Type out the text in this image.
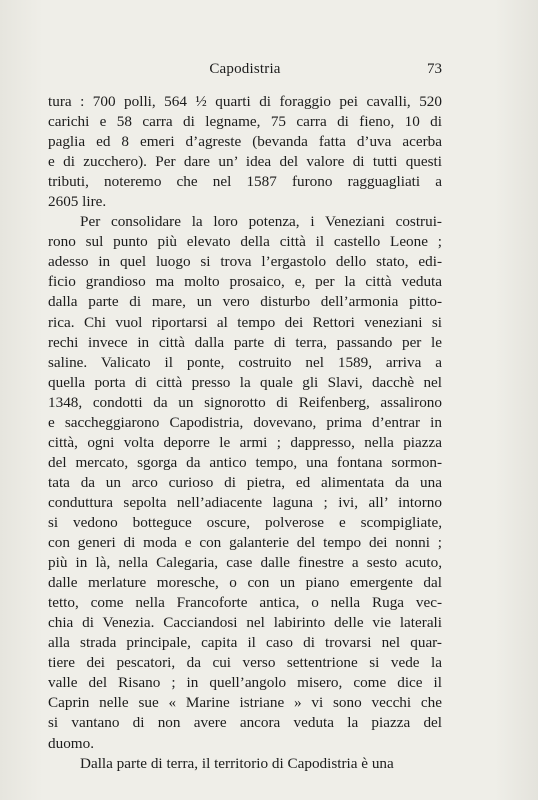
Capodistria	73
tura : 700 polli, 564 ½ quarti di foraggio pei cavalli, 520
carichi e 58 carra di legname, 75 carra di fieno, 10 di
paglia ed 8 emeri d’agreste (bevanda fatta d’uva acerba
e di zucchero). Per dare un’ idea del valore di tutti questi
tributi, noteremo che nel 1587 furono ragguagliati a
2605 lire.
Per consolidare la loro potenza, i Veneziani costrui-
rono sul punto più elevato della città il castello Leone ;
adesso in quel luogo si trova l’ergastolo dello stato, edi-
ficio grandioso ma molto prosaico, e, per la città veduta
dalla parte di mare, un vero disturbo dell’armonia pitto-
rica. Chi vuol riportarsi al tempo dei Rettori veneziani si
rechi invece in città dalla parte di terra, passando per le
saline. Valicato il ponte, costruito nel 1589, arriva a
quella porta di città presso la quale gli Slavi, dacchè nel
1348, condotti da un signorotto di Reifenberg, assalirono
e saccheggiarono Capodistria, dovevano, prima d’entrar in
città, ogni volta deporre le armi ; dappresso, nella piazza
del mercato, sgorga da antico tempo, una fontana sormon-
tata da un arco curioso di pietra, ed alimentata da una
conduttura sepolta nell’adiacente laguna ; ivi, all’ intorno
si vedono botteguce oscure, polverose e scompigliate,
con generi di moda e con galanterie del tempo dei nonni ;
più in là, nella Calegaria, case dalle finestre a sesto acuto,
dalle merlature moresche, o con un piano emergente dal
tetto, come nella Francoforte antica, o nella Ruga vec-
chia di Venezia. Cacciandosi nel labirinto delle vie laterali
alla strada principale, capita il caso di trovarsi nel quar-
tiere dei pescatori, da cui verso settentrione si vede la
valle del Risano ; in quell’angolo misero, come dice il
Caprin nelle sue « Marine istriane » vi sono vecchi che
si vantano di non avere ancora veduta la piazza del
duomo.
Dalla parte di terra, il territorio di Capodistria è una
